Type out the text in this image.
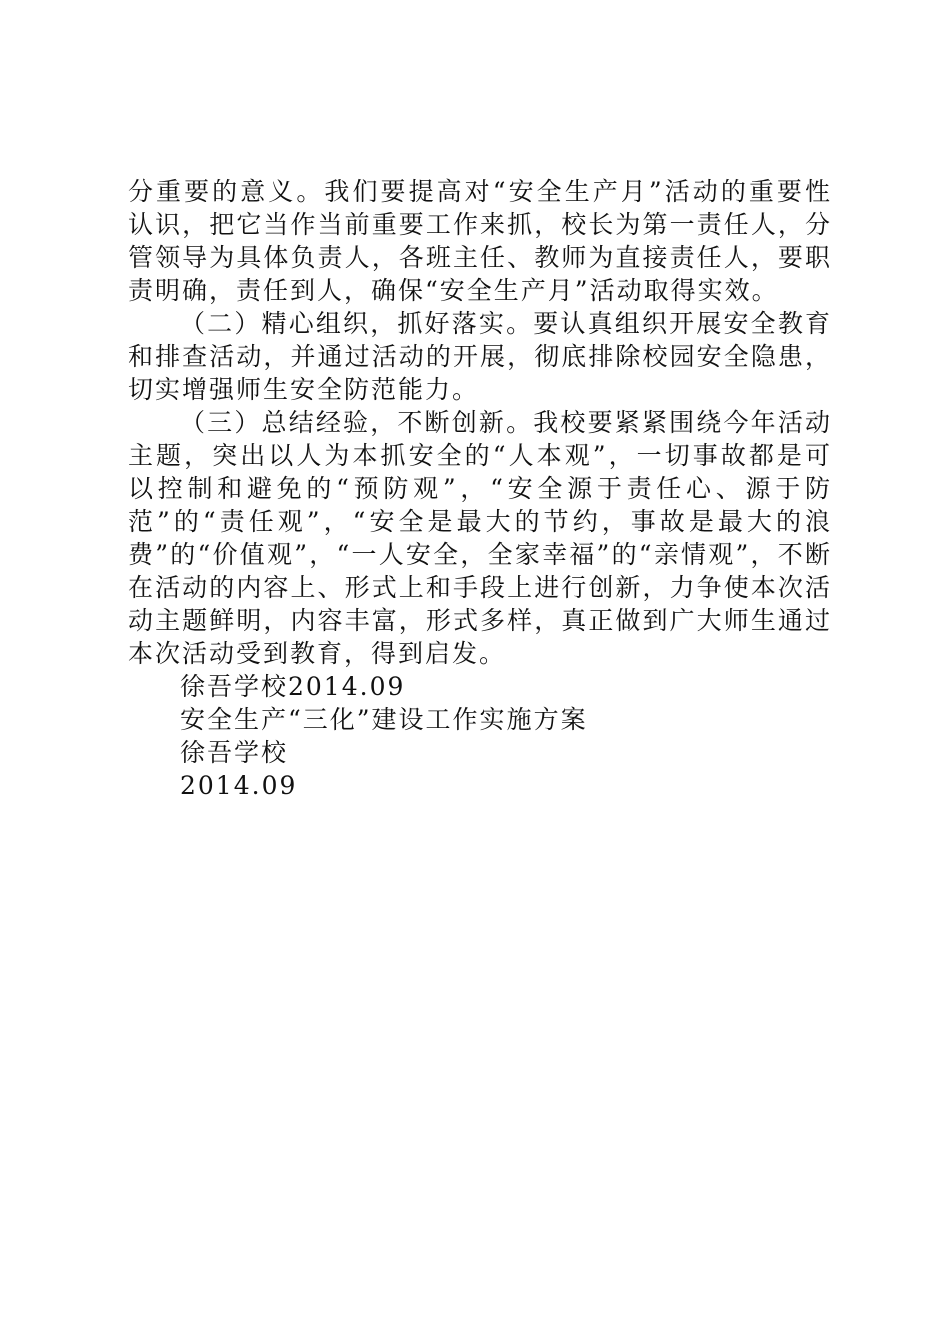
分重要的意义。我们要提高对“安全生产月”活动的重要性认识，把它当作当前重要工作来抓，校长为第一责任人，分管领导为具体负责人，各班主任、教师为直接责任人，要职责明确，责任到人，确保“安全生产月”活动取得实效。

（二）精心组织，抓好落实。要认真组织开展安全教育和排查活动，并通过活动的开展，彻底排除校园安全隐患，切实增强师生安全防范能力。

（三）总结经验，不断创新。我校要紧紧围绕今年活动主题，突出以人为本抓安全的“人本观”，一切事故都是可以控制和避免的“预防观”，“安全源于责任心、源于防范”的“责任观”，“安全是最大的节约，事故是最大的浪费”的“价值观”，“一人安全，全家幸福”的“亲情观”，不断在活动的内容上、形式上和手段上进行创新，力争使本次活动主题鲜明，内容丰富，形式多样，真正做到广大师生通过本次活动受到教育，得到启发。

徐吾学校2014.09

安全生产“三化”建设工作实施方案

徐吾学校

2014.09
